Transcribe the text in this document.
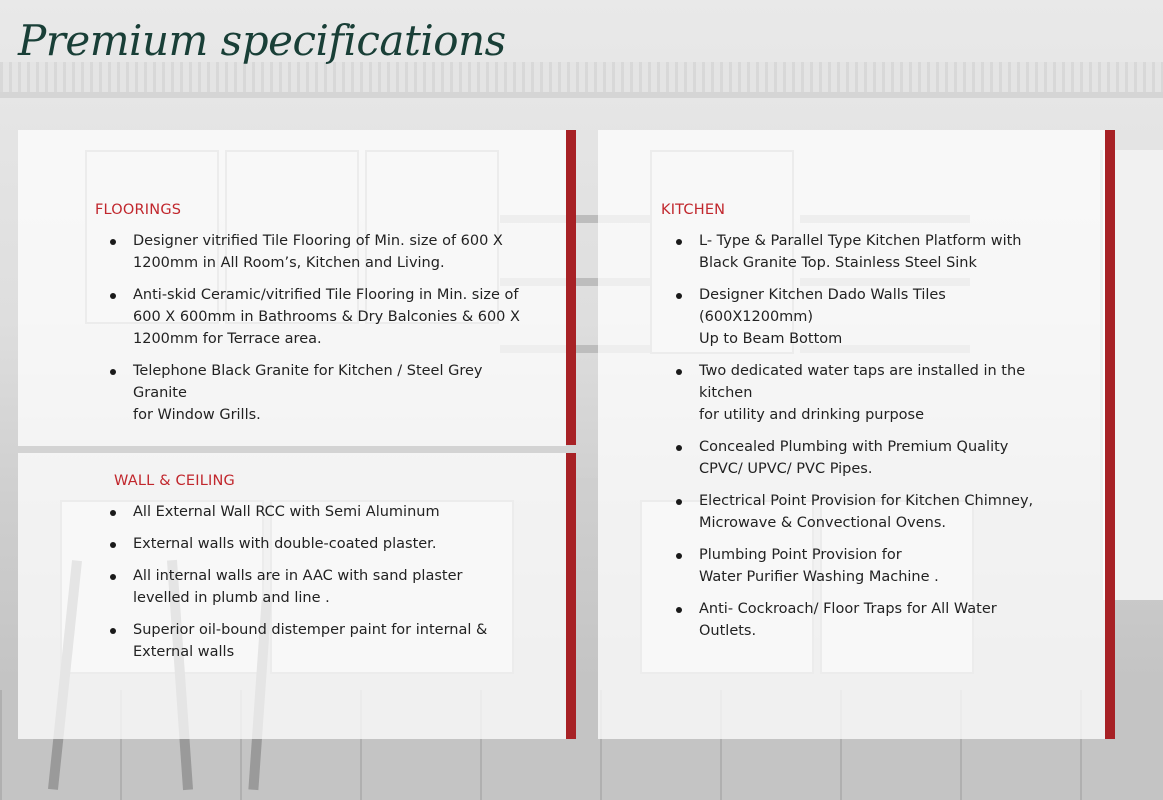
Premium specifications
FLOORINGS
Designer vitrified Tile Flooring of Min. size of 600 X
1200mm in All Room’s, Kitchen and Living.
Anti-skid Ceramic/vitrified Tile Flooring in Min. size of
600 X 600mm in Bathrooms & Dry Balconies & 600 X
1200mm for Terrace area.
Telephone Black Granite for Kitchen / Steel Grey
Granite
for Window Grills.
WALL & CEILING
All External Wall RCC with Semi Aluminum
External walls with double-coated plaster.
All internal walls are in AAC with sand plaster
levelled in plumb and line .
Superior oil-bound distemper paint for internal &
External walls
KITCHEN
L- Type & Parallel Type Kitchen Platform with
Black Granite Top. Stainless Steel Sink
Designer Kitchen Dado Walls Tiles
(600X1200mm)
Up to Beam Bottom
Two dedicated water taps are installed in the
kitchen
for utility and drinking purpose
Concealed Plumbing with Premium Quality
CPVC/ UPVC/ PVC Pipes.
Electrical Point Provision for Kitchen Chimney,
Microwave & Convectional Ovens.
Plumbing Point Provision for
Water Purifier Washing Machine .
Anti- Cockroach/ Floor Traps for All Water
Outlets.
